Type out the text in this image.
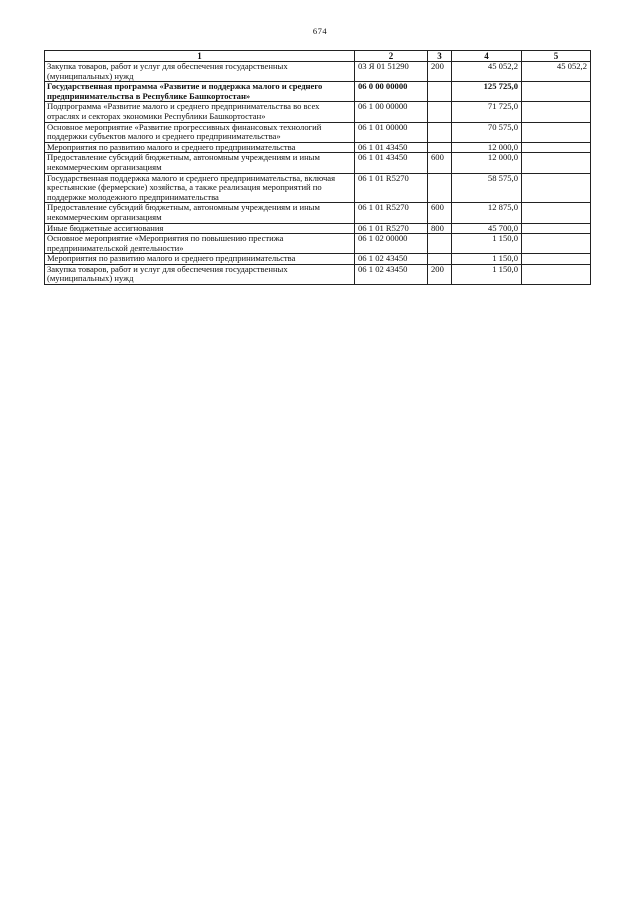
674
1	2	3	4	5
Закупка товаров, работ и услуг для обеспечения государственных (муниципальных) нужд	03 Я 01 51290	200	45 052,2	45 052,2
Государственная программа «Развитие и поддержка малого и среднего предпринимательства в Республике Башкортостан»	06 0 00 00000		125 725,0	
Подпрограмма «Развитие малого и среднего предпринимательства во всех отраслях и секторах экономики Республики Башкортостан»	06 1 00 00000		71 725,0	
Основное мероприятие «Развитие прогрессивных финансовых технологий поддержки субъектов малого и среднего предпринимательства»	06 1 01 00000		70 575,0	
Мероприятия по развитию малого и среднего предпринимательства	06 1 01 43450		12 000,0	
Предоставление субсидий бюджетным, автономным учреждениям и иным некоммерческим организациям	06 1 01 43450	600	12 000,0	
Государственная поддержка малого и среднего предпринимательства, включая крестьянские (фермерские) хозяйства, а также реализация мероприятий по поддержке молодежного предпринимательства	06 1 01 R5270		58 575,0	
Предоставление субсидий бюджетным, автономным учреждениям и иным некоммерческим организациям	06 1 01 R5270	600	12 875,0	
Иные бюджетные ассигнования	06 1 01 R5270	800	45 700,0	
Основное мероприятие «Мероприятия по повышению престижа предпринимательской деятельности»	06 1 02 00000		1 150,0	
Мероприятия по развитию малого и среднего предпринимательства	06 1 02 43450		1 150,0	
Закупка товаров, работ и услуг для обеспечения государственных (муниципальных) нужд	06 1 02 43450	200	1 150,0	
